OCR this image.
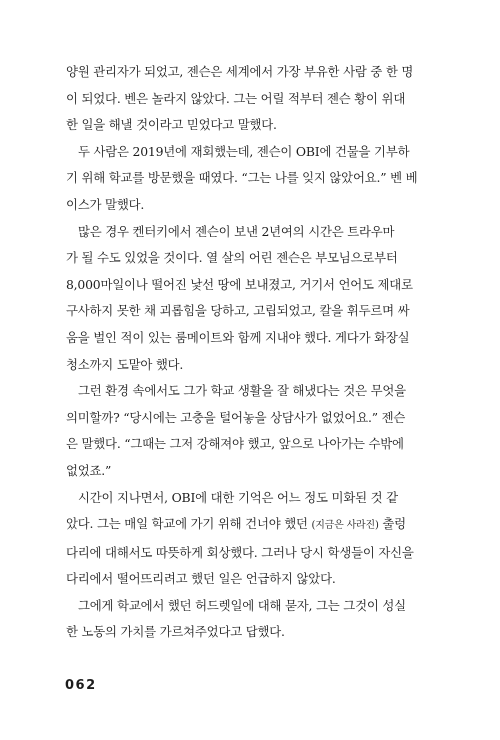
양원 관리자가 되었고, 젠슨은 세계에서 가장 부유한 사람 중 한 명
이 되었다. 벤은 놀라지 않았다. 그는 어릴 적부터 젠슨 황이 위대
한 일을 해낼 것이라고 믿었다고 말했다.

두 사람은 2019년에 재회했는데, 젠슨이 OBI에 건물을 기부하
기 위해 학교를 방문했을 때였다. “그는 나를 잊지 않았어요.” 벤 베
이스가 말했다.

많은 경우 켄터키에서 젠슨이 보낸 2년여의 시간은 트라우마
가 될 수도 있었을 것이다. 열 살의 어린 젠슨은 부모님으로부터
8,000마일이나 떨어진 낯선 땅에 보내졌고, 거기서 언어도 제대로
구사하지 못한 채 괴롭힘을 당하고, 고립되었고, 칼을 휘두르며 싸
움을 벌인 적이 있는 룸메이트와 함께 지내야 했다. 게다가 화장실
청소까지 도맡아 했다.

그런 환경 속에서도 그가 학교 생활을 잘 해냈다는 것은 무엇을
의미할까? “당시에는 고충을 털어놓을 상담사가 없었어요.” 젠슨
은 말했다. “그때는 그저 강해져야 했고, 앞으로 나아가는 수밖에
없었죠.”

시간이 지나면서, OBI에 대한 기억은 어느 정도 미화된 것 같
았다. 그는 매일 학교에 가기 위해 건너야 했던 (지금은 사라진) 출렁
다리에 대해서도 따뜻하게 회상했다. 그러나 당시 학생들이 자신을
다리에서 떨어뜨리려고 했던 일은 언급하지 않았다.

그에게 학교에서 했던 허드렛일에 대해 묻자, 그는 그것이 성실
한 노동의 가치를 가르쳐주었다고 답했다.

062
